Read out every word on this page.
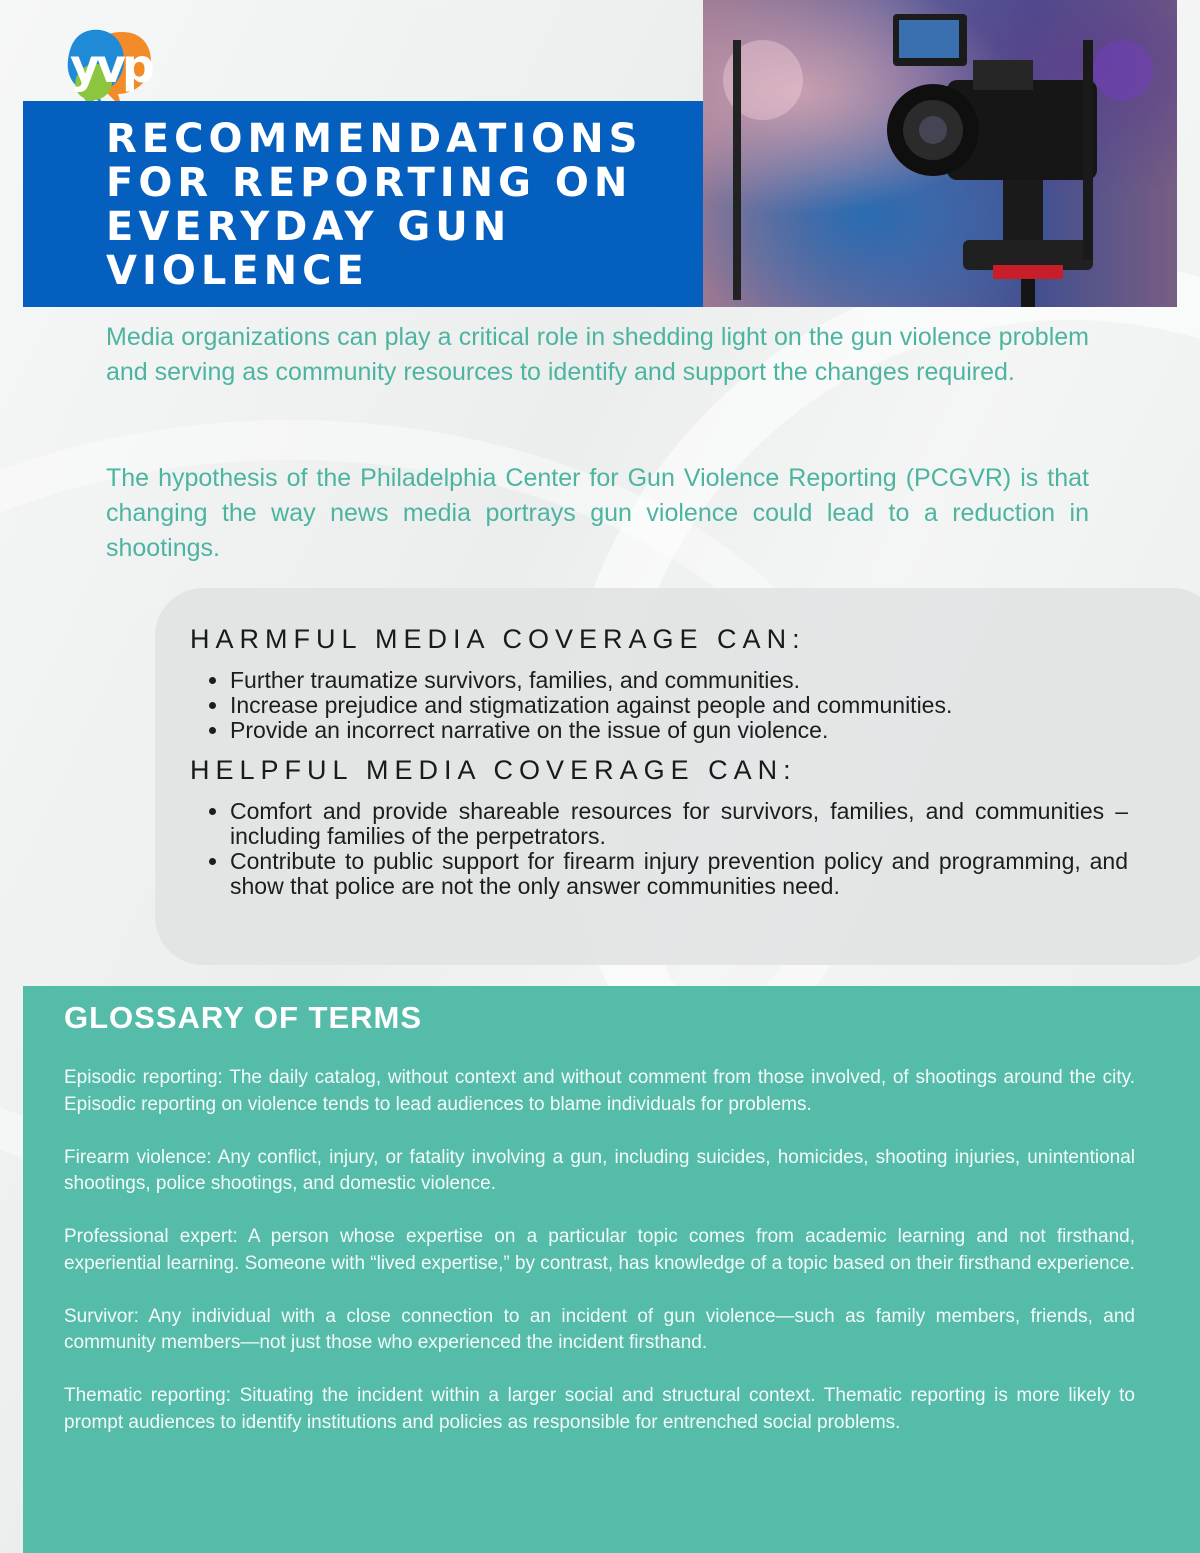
yvp
RECOMMENDATIONS
FOR REPORTING ON
EVERYDAY GUN
VIOLENCE

Media organizations can play a critical role in shedding light on the gun violence problem and serving as community resources to identify and support the changes required.

The hypothesis of the Philadelphia Center for Gun Violence Reporting (PCGVR) is that changing the way news media portrays gun violence could lead to a reduction in shootings.

HARMFUL MEDIA COVERAGE CAN:
• Further traumatize survivors, families, and communities.
• Increase prejudice and stigmatization against people and communities.
• Provide an incorrect narrative on the issue of gun violence.
HELPFUL MEDIA COVERAGE CAN:
• Comfort and provide shareable resources for survivors, families, and communities – including families of the perpetrators.
• Contribute to public support for firearm injury prevention policy and programming, and show that police are not the only answer communities need.
GLOSSARY OF TERMS

Episodic reporting: The daily catalog, without context and without comment from those involved, of shootings around the city. Episodic reporting on violence tends to lead audiences to blame individuals for problems.

Firearm violence: Any conflict, injury, or fatality involving a gun, including suicides, homicides, shooting injuries, unintentional shootings, police shootings, and domestic violence.

Professional expert: A person whose expertise on a particular topic comes from academic learning and not firsthand, experiential learning. Someone with “lived expertise,” by contrast, has knowledge of a topic based on their firsthand experience.

Survivor: Any individual with a close connection to an incident of gun violence—such as family members, friends, and community members—not just those who experienced the incident firsthand.

Thematic reporting: Situating the incident within a larger social and structural context. Thematic reporting is more likely to prompt audiences to identify institutions and policies as responsible for entrenched social problems.
